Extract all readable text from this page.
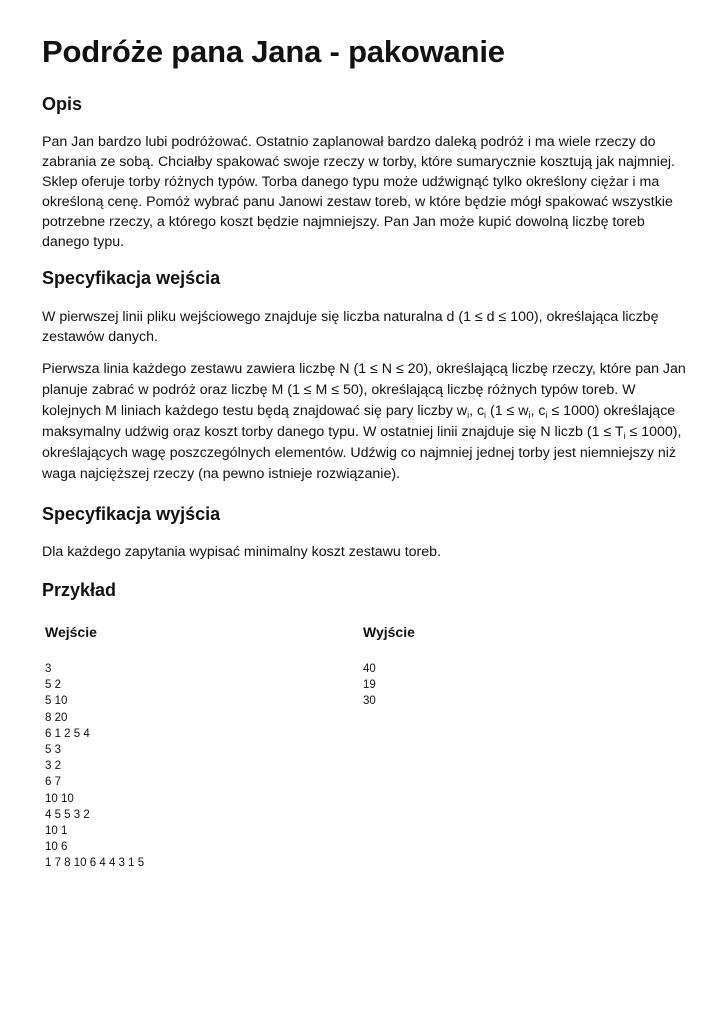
Podróże pana Jana - pakowanie
Opis

Pan Jan bardzo lubi podróżować. Ostatnio zaplanował bardzo daleką podróż i ma wiele rzeczy do zabrania ze sobą. Chciałby spakować swoje rzeczy w torby, które sumarycznie kosztują jak najmniej. Sklep oferuje torby różnych typów. Torba danego typu może udźwignąć tylko określony ciężar i ma określoną cenę. Pomóż wybrać panu Janowi zestaw toreb, w które będzie mógł spakować wszystkie potrzebne rzeczy, a którego koszt będzie najmniejszy. Pan Jan może kupić dowolną liczbę toreb danego typu.

Specyfikacja wejścia

W pierwszej linii pliku wejściowego znajduje się liczba naturalna d (1 ≤ d ≤ 100), określająca liczbę zestawów danych.

Pierwsza linia każdego zestawu zawiera liczbę N (1 ≤ N ≤ 20), określającą liczbę rzeczy, które pan Jan planuje zabrać w podróż oraz liczbę M (1 ≤ M ≤ 50), określającą liczbę różnych typów toreb. W kolejnych M liniach każdego testu będą znajdować się pary liczby $w_i$, $c_i$ ($1 \le w_i$, $c_i \le 1000$) określające maksymalny udźwig oraz koszt torby danego typu. W ostatniej linii znajduje się N liczb $(1 \le T_i \le 1000)$, określających wagę poszczególnych elementów. Udźwig co najmniej jednej torby jest niemniejszy niż waga najcięższej rzeczy (na pewno istnieje rozwiązanie).

Specyfikacja wyjścia

Dla każdego zapytania wypisać minimalny koszt zestawu toreb.

Przykład
Wejście	Wyjście
3
5 2
5 10
8 20
6 1 2 5 4
5 3
3 2
6 7
10 10
4 5 5 3 2
10 1
10 6
1 7 8 10 6 4 4 3 1 5
40
19
30
